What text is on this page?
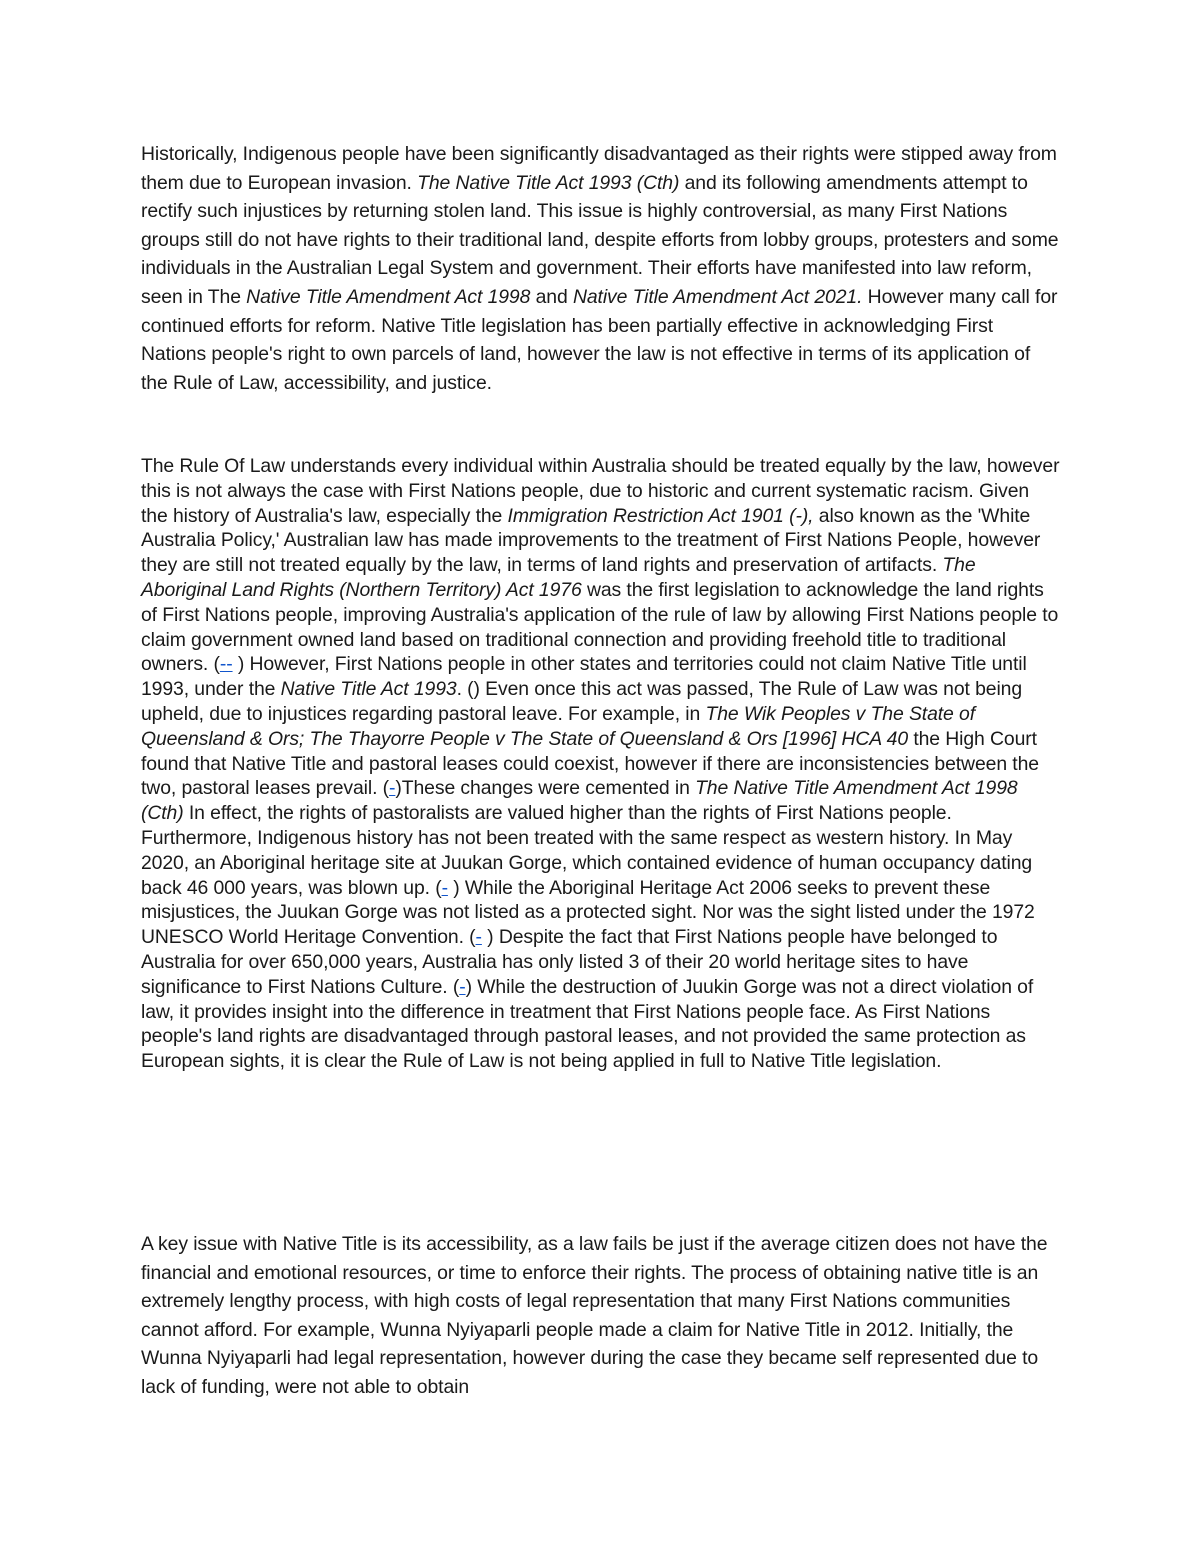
Historically, Indigenous people have been significantly disadvantaged as their rights were stipped away from them due to European invasion. The Native Title Act 1993 (Cth) and its following amendments attempt to rectify such injustices by returning stolen land. This issue is highly controversial, as many First Nations groups still do not have rights to their traditional land, despite efforts from lobby groups, protesters and some individuals in the Australian Legal System and government. Their efforts have manifested into law reform, seen in The Native Title Amendment Act 1998 and Native Title Amendment Act 2021. However many call for continued efforts for reform. Native Title legislation has been partially effective in acknowledging First Nations people's right to own parcels of land, however the law is not effective in terms of its application of the Rule of Law, accessibility, and justice.

The Rule Of Law understands every individual within Australia should be treated equally by the law, however this is not always the case with First Nations people, due to historic and current systematic racism. Given the history of Australia's law, especially the Immigration Restriction Act 1901 (-), also known as the 'White Australia Policy,' Australian law has made improvements to the treatment of First Nations People, however they are still not treated equally by the law, in terms of land rights and preservation of artifacts. The Aboriginal Land Rights (Northern Territory) Act 1976 was the first legislation to acknowledge the land rights of First Nations people, improving Australia's application of the rule of law by allowing First Nations people to claim government owned land based on traditional connection and providing freehold title to traditional owners. (-- ) However, First Nations people in other states and territories could not claim Native Title until 1993, under the Native Title Act 1993. () Even once this act was passed, The Rule of Law was not being upheld, due to injustices regarding pastoral leave. For example, in The Wik Peoples v The State of Queensland & Ors; The Thayorre People v The State of Queensland & Ors [1996] HCA 40 the High Court found that Native Title and pastoral leases could coexist, however if there are inconsistencies between the two, pastoral leases prevail. (-)These changes were cemented in The Native Title Amendment Act 1998 (Cth) In effect, the rights of pastoralists are valued higher than the rights of First Nations people. Furthermore, Indigenous history has not been treated with the same respect as western history. In May 2020, an Aboriginal heritage site at Juukan Gorge, which contained evidence of human occupancy dating back 46 000 years, was blown up. (- ) While the Aboriginal Heritage Act 2006 seeks to prevent these misjustices, the Juukan Gorge was not listed as a protected sight. Nor was the sight listed under the 1972 UNESCO World Heritage Convention. (- ) Despite the fact that First Nations people have belonged to Australia for over 650,000 years, Australia has only listed 3 of their 20 world heritage sites to have significance to First Nations Culture. (-) While the destruction of Juukin Gorge was not a direct violation of law, it provides insight into the difference in treatment that First Nations people face. As First Nations people's land rights are disadvantaged through pastoral leases, and not provided the same protection as European sights, it is clear the Rule of Law is not being applied in full to Native Title legislation.

A key issue with Native Title is its accessibility, as a law fails be just if the average citizen does not have the financial and emotional resources, or time to enforce their rights. The process of obtaining native title is an extremely lengthy process, with high costs of legal representation that many First Nations communities cannot afford. For example, Wunna Nyiyaparli people made a claim for Native Title in 2012. Initially, the Wunna Nyiyaparli had legal representation, however during the case they became self represented due to lack of funding, were not able to obtain
